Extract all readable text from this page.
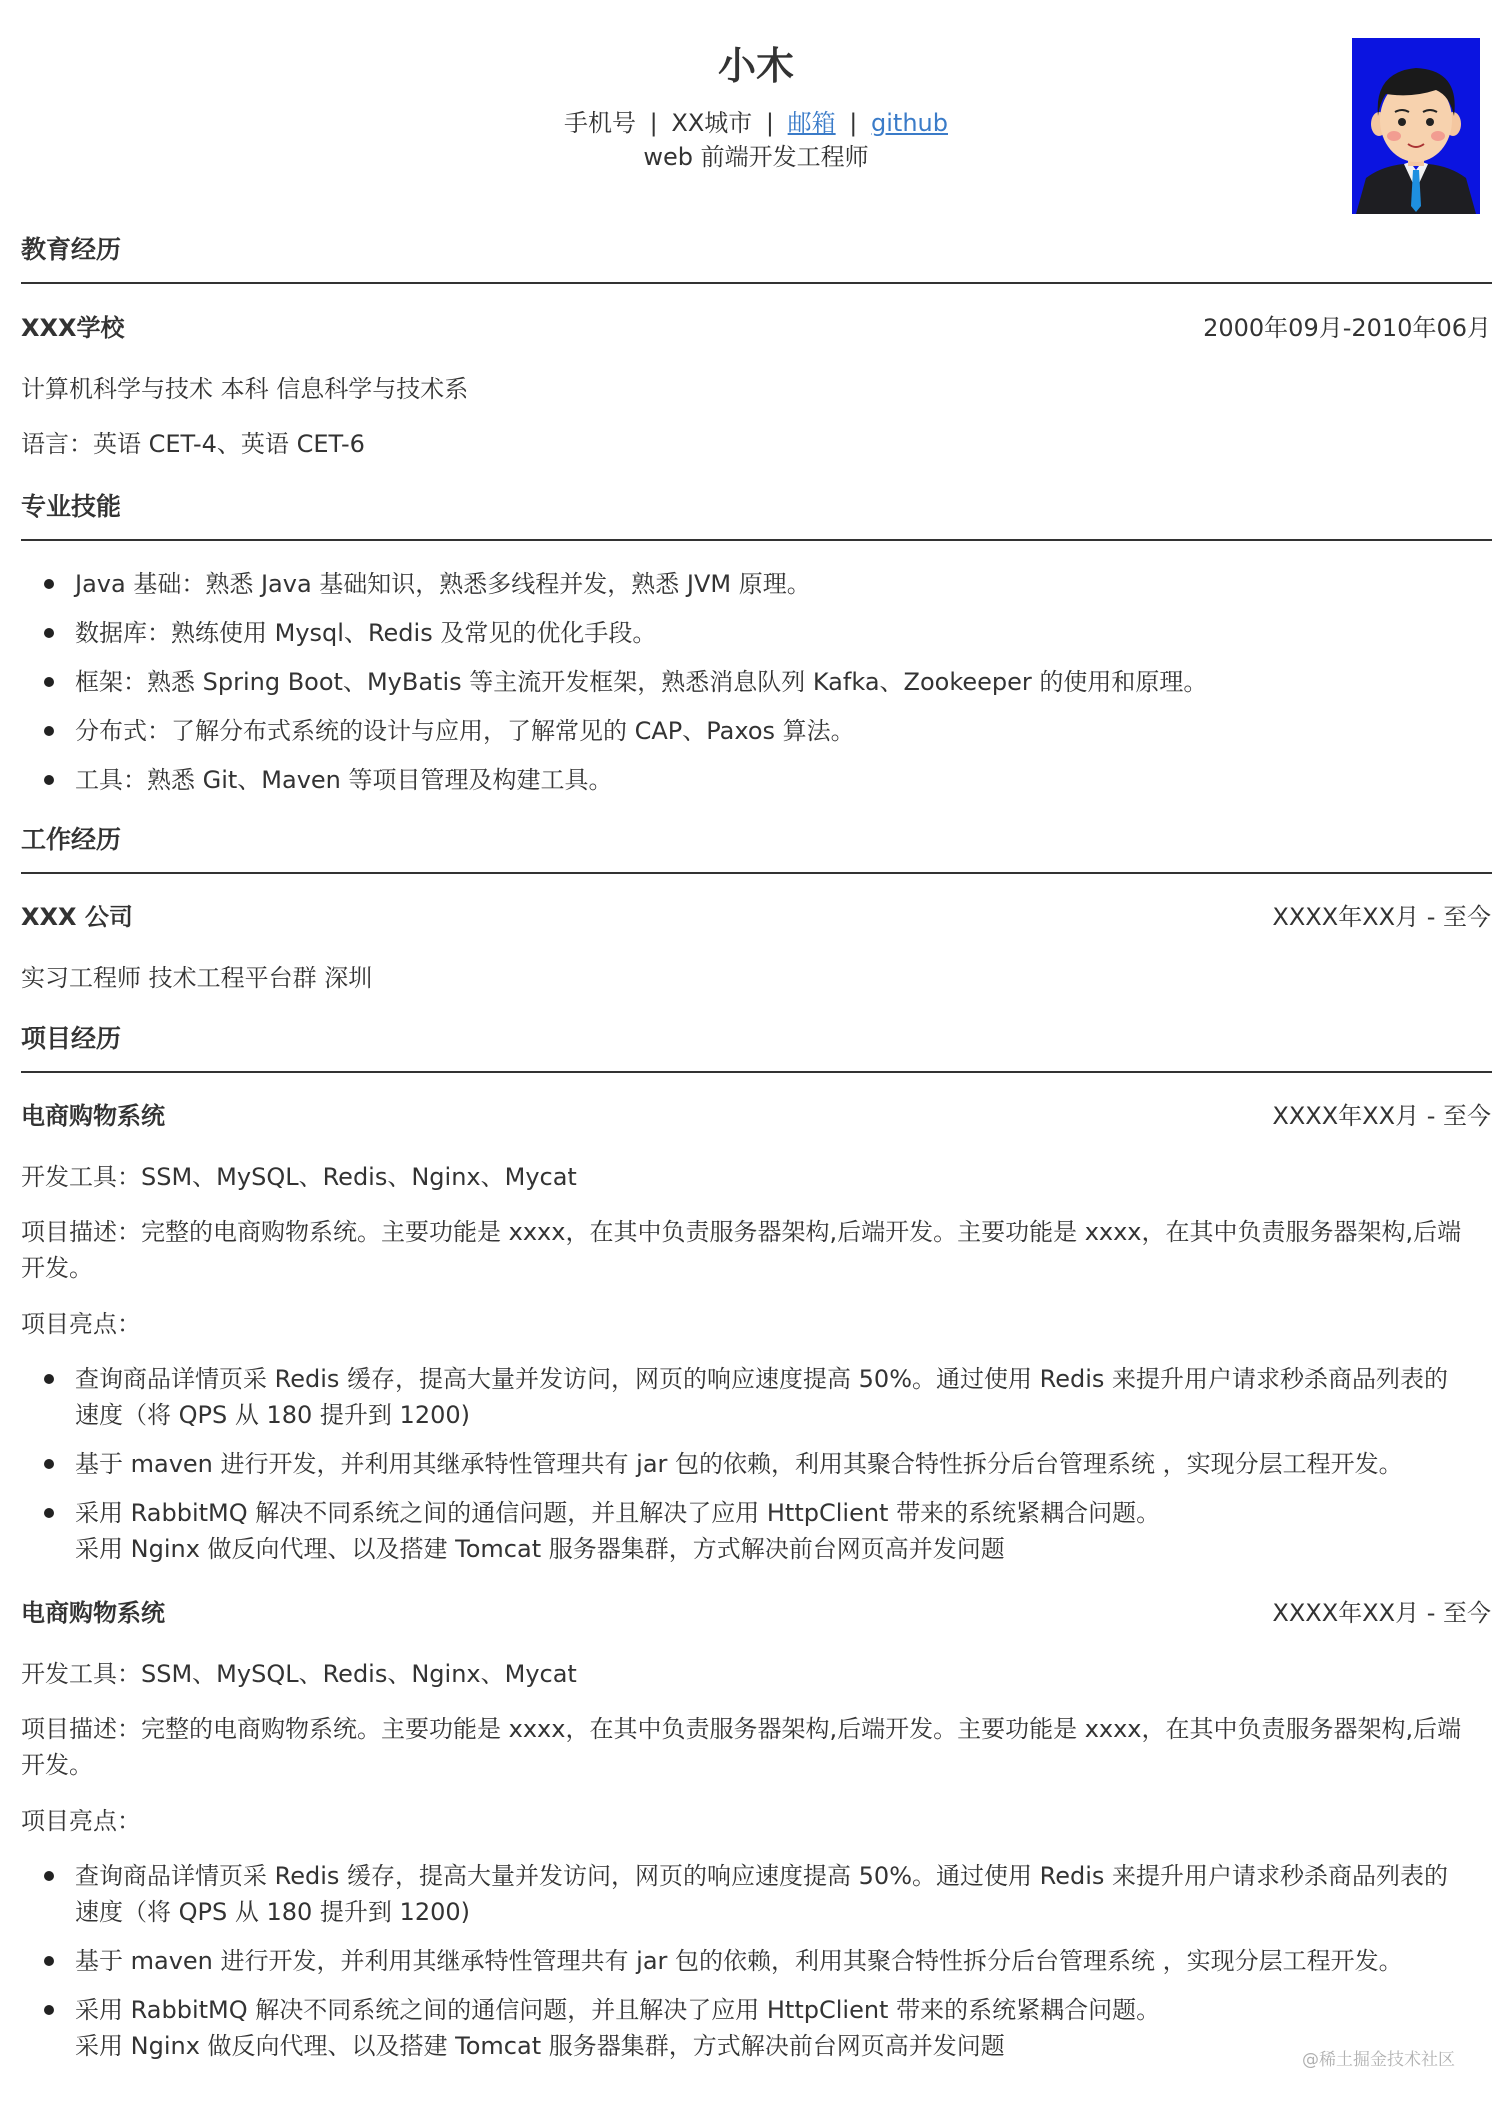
小木
手机号 | XX城市 | 邮箱 | github
web 前端开发工程师
教育经历
XXX学校	2000年09月-2010年06月
计算机科学与技术 本科 信息科学与技术系
语言：英语 CET-4、英语 CET-6
专业技能
Java 基础：熟悉 Java 基础知识，熟悉多线程并发，熟悉 JVM 原理。
数据库：熟练使用 Mysql、Redis 及常见的优化手段。
框架：熟悉 Spring Boot、MyBatis 等主流开发框架，熟悉消息队列 Kafka、Zookeeper 的使用和原理。
分布式：了解分布式系统的设计与应用，了解常见的 CAP、Paxos 算法。
工具：熟悉 Git、Maven 等项目管理及构建工具。
工作经历
XXX 公司	XXXX年XX月 - 至今
实习工程师 技术工程平台群 深圳
项目经历
电商购物系统	XXXX年XX月 - 至今
开发工具：SSM、MySQL、Redis、Nginx、Mycat
项目描述：完整的电商购物系统。主要功能是 xxxx，在其中负责服务器架构,后端开发。主要功能是 xxxx，在其中负责服务器架构,后端开发。
项目亮点：
查询商品详情页采 Redis 缓存，提高大量并发访问，网页的响应速度提高 50%。通过使用 Redis 来提升用户请求秒杀商品列表的速度（将 QPS 从 180 提升到 1200)
基于 maven 进行开发，并利用其继承特性管理共有 jar 包的依赖，利用其聚合特性拆分后台管理系统 ，实现分层工程开发。
采用 RabbitMQ 解决不同系统之间的通信问题，并且解决了应用 HttpClient 带来的系统紧耦合问题。
采用 Nginx 做反向代理、以及搭建 Tomcat 服务器集群，方式解决前台网页高并发问题
电商购物系统	XXXX年XX月 - 至今
开发工具：SSM、MySQL、Redis、Nginx、Mycat
项目描述：完整的电商购物系统。主要功能是 xxxx，在其中负责服务器架构,后端开发。主要功能是 xxxx，在其中负责服务器架构,后端开发。
项目亮点：
查询商品详情页采 Redis 缓存，提高大量并发访问，网页的响应速度提高 50%。通过使用 Redis 来提升用户请求秒杀商品列表的速度（将 QPS 从 180 提升到 1200)
基于 maven 进行开发，并利用其继承特性管理共有 jar 包的依赖，利用其聚合特性拆分后台管理系统 ，实现分层工程开发。
采用 RabbitMQ 解决不同系统之间的通信问题，并且解决了应用 HttpClient 带来的系统紧耦合问题。
采用 Nginx 做反向代理、以及搭建 Tomcat 服务器集群，方式解决前台网页高并发问题	@稀土掘金技术社区
